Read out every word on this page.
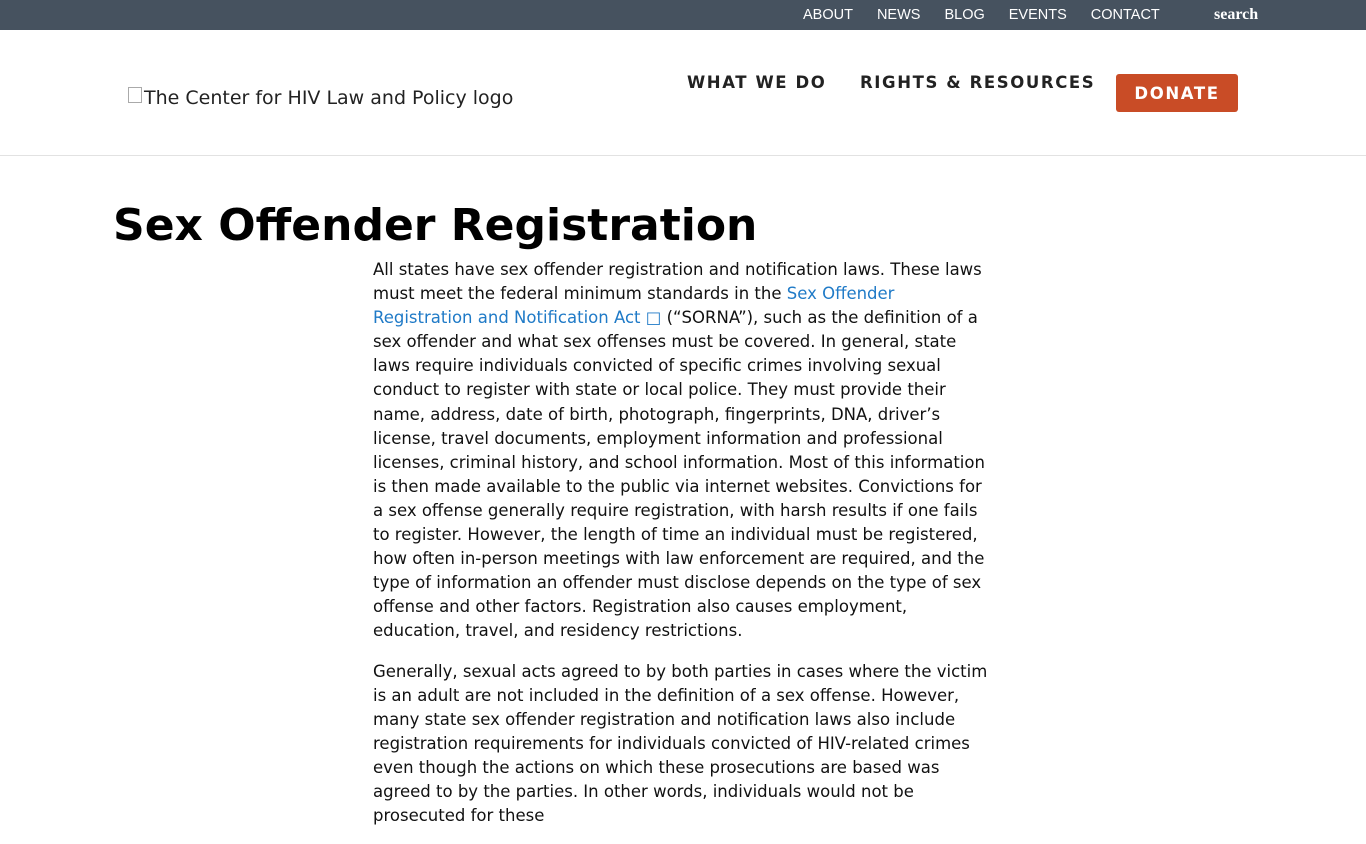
ABOUT NEWS BLOG EVENTS CONTACT	search
The Center for HIV Law and Policy logo
WHAT WE DO RIGHTS & RESOURCES
DONATE
Sex Offender Registration

All states have sex offender registration and notification laws. These laws must meet the federal minimum standards in the Sex Offender Registration and Notification Act □ (“SORNA”), such as the definition of a sex offender and what sex offenses must be covered. In general, state laws require individuals convicted of specific crimes involving sexual conduct to register with state or local police. They must provide their name, address, date of birth, photograph, fingerprints, DNA, driver’s license, travel documents, employment information and professional licenses, criminal history, and school information. Most of this information is then made available to the public via internet websites. Convictions for a sex offense generally require registration, with harsh results if one fails to register. However, the length of time an individual must be registered, how often in-person meetings with law enforcement are required, and the type of information an offender must disclose depends on the type of sex offense and other factors. Registration also causes employment, education, travel, and residency restrictions.

Generally, sexual acts agreed to by both parties in cases where the victim is an adult are not included in the definition of a sex offense. However, many state sex offender registration and notification laws also include registration requirements for individuals convicted of HIV-related crimes even though the actions on which these prosecutions are based was agreed to by the parties. In other words, individuals would not be prosecuted for these
